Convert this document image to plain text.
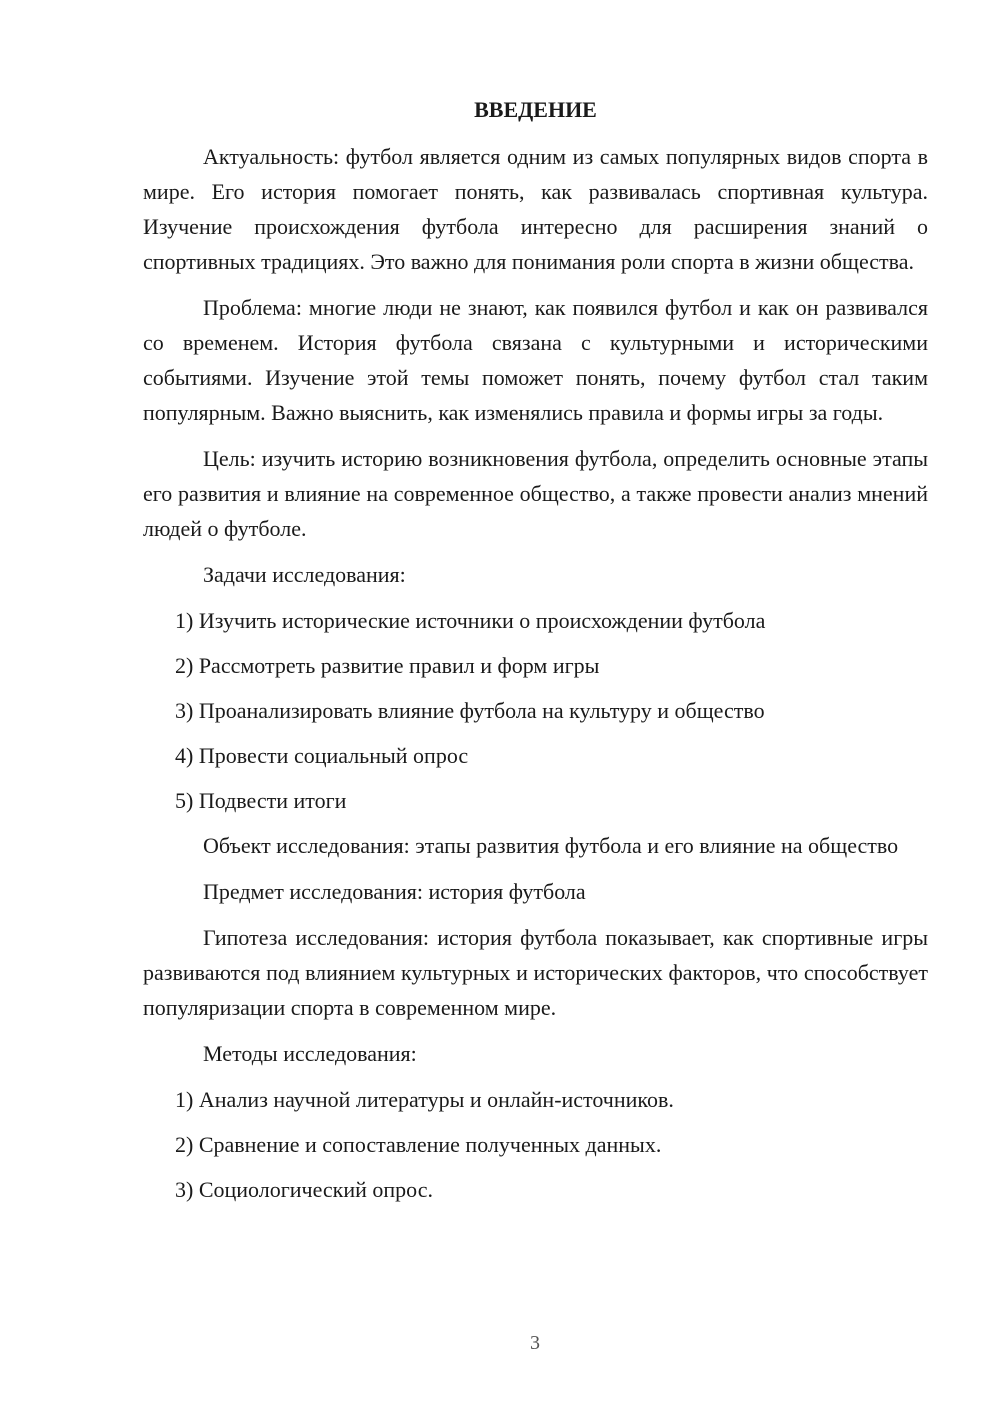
ВВЕДЕНИЕ

Актуальность: футбол является одним из самых популярных видов спорта в мире. Его история помогает понять, как развивалась спортивная культура. Изучение происхождения футбола интересно для расширения знаний о спортивных традициях. Это важно для понимания роли спорта в жизни общества.

Проблема: многие люди не знают, как появился футбол и как он развивался со временем. История футбола связана с культурными и историческими событиями. Изучение этой темы поможет понять, почему футбол стал таким популярным. Важно выяснить, как изменялись правила и формы игры за годы.

Цель: изучить историю возникновения футбола, определить основные этапы его развития и влияние на современное общество, а также провести анализ мнений людей о футболе.

Задачи исследования:

1) Изучить исторические источники о происхождении футбола
2) Рассмотреть развитие правил и форм игры
3) Проанализировать влияние футбола на культуру и общество
4) Провести социальный опрос
5) Подвести итоги

Объект исследования: этапы развития футбола и его влияние на общество

Предмет исследования: история футбола

Гипотеза исследования: история футбола показывает, как спортивные игры развиваются под влиянием культурных и исторических факторов, что способствует популяризации спорта в современном мире.

Методы исследования:

1) Анализ научной литературы и онлайн-источников.
2) Сравнение и сопоставление полученных данных.
3) Социологический опрос.
3
